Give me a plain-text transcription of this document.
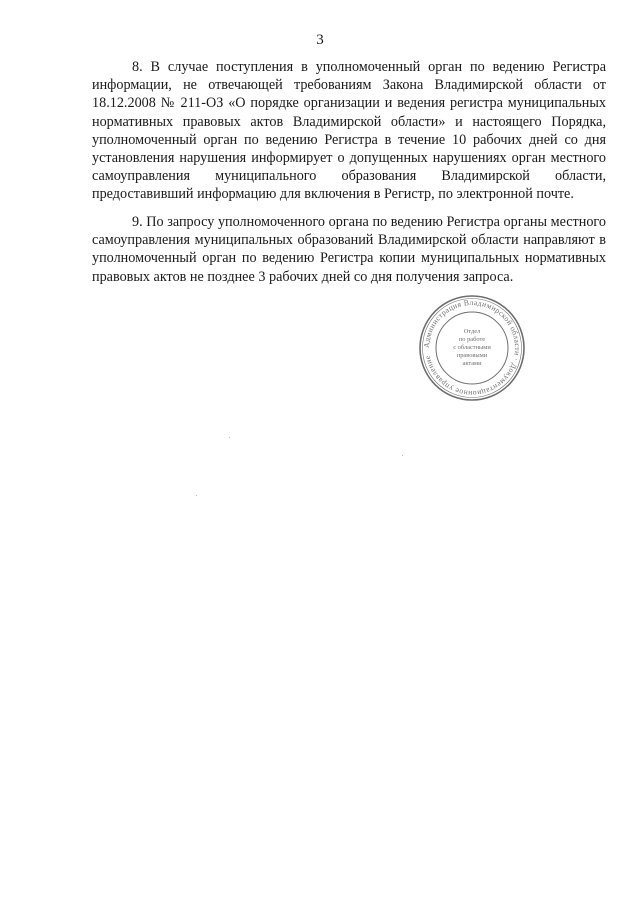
3

8. В случае поступления в уполномоченный орган по ведению Регистра информации, не отвечающей требованиям Закона Владимирской области от 18.12.2008 № 211-ОЗ «О порядке организации и ведения регистра муниципальных нормативных правовых актов Владимирской области» и настоящего Порядка, уполномоченный орган по ведению Регистра в течение 10 рабочих дней со дня установления нарушения информирует о допущенных нарушениях орган местного самоуправления муниципального образования Владимирской области, предоставивший информацию для включения в Регистр, по электронной почте.

9. По запросу уполномоченного органа по ведению Регистра органы местного самоуправления муниципальных образований Владимирской области направляют в уполномоченный орган по ведению Регистра копии муниципальных нормативных правовых актов не позднее 3 рабочих дней со дня получения запроса.

Администрация Владимирской области · Документационное управление
Отдел
по работе
с областными
правовыми
актами
